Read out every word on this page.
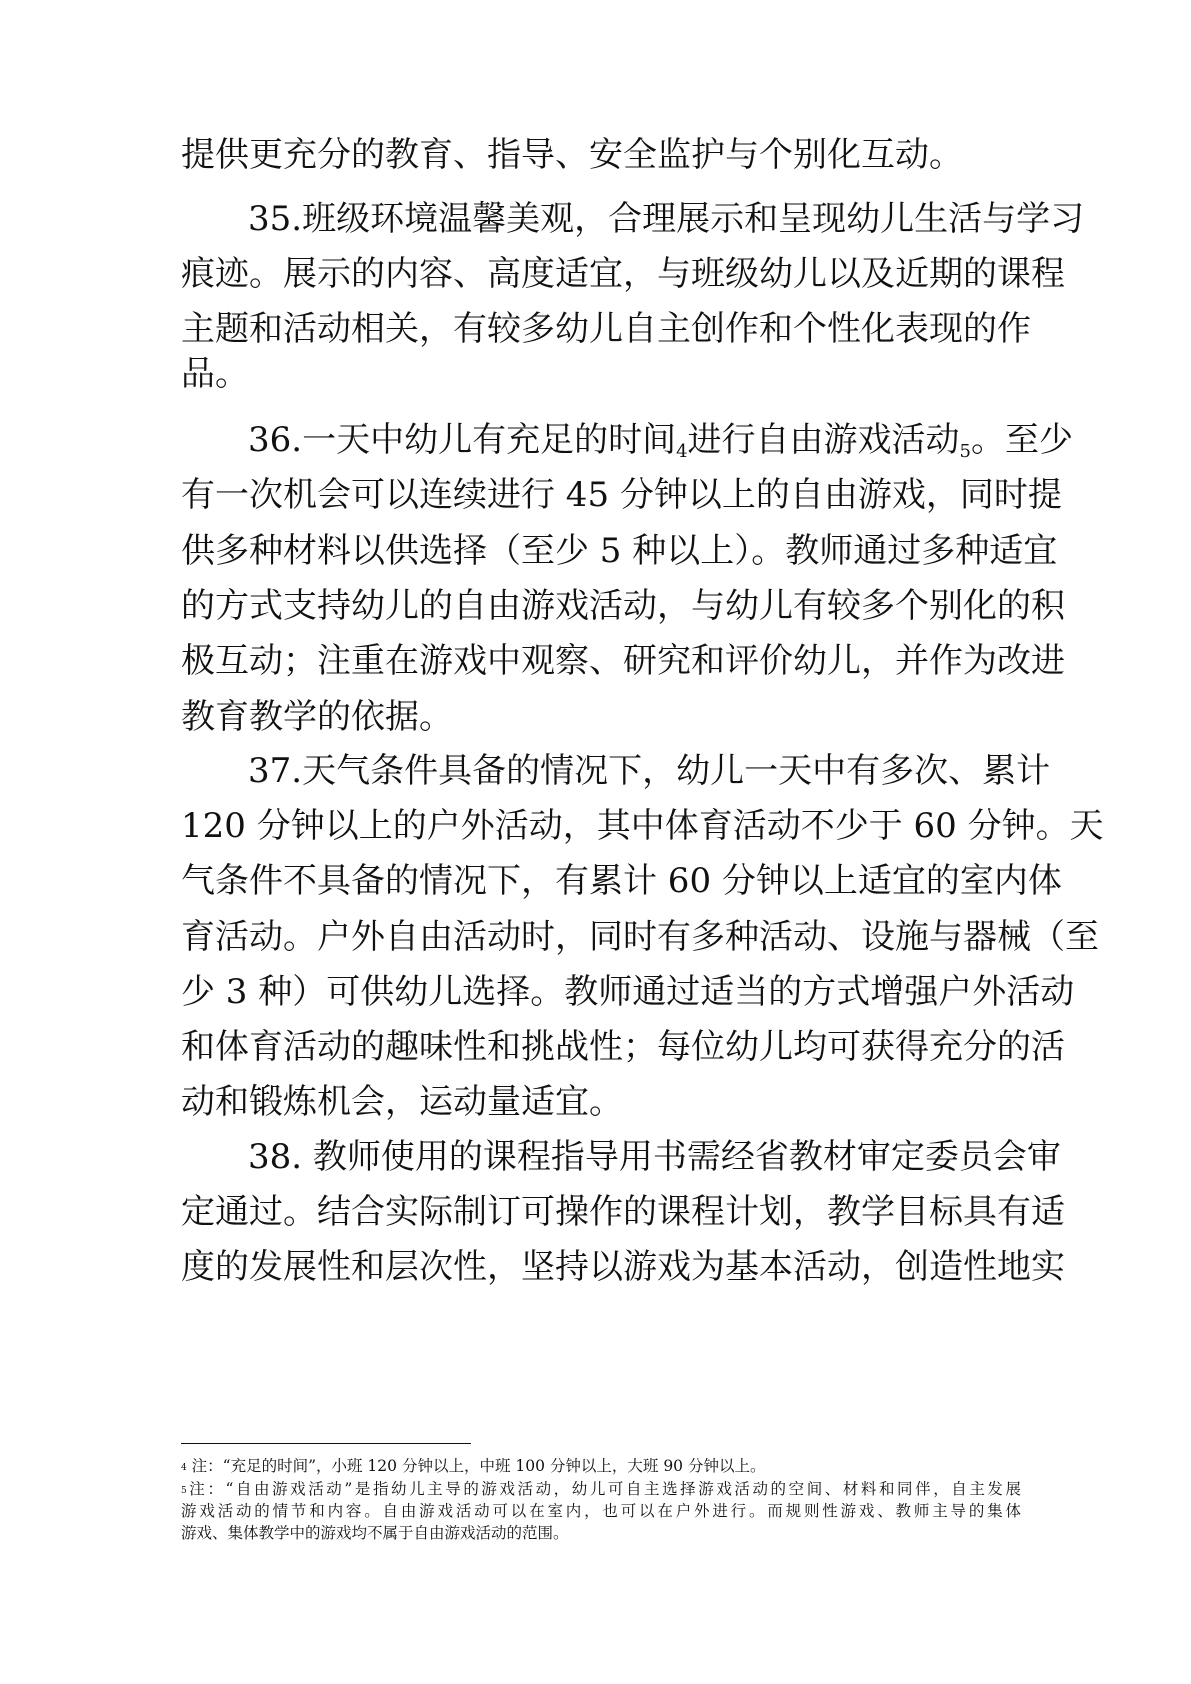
提供更充分的教育、指导、安全监护与个别化互动。
35.班级环境温馨美观，合理展示和呈现幼儿生活与学习
痕迹。展示的内容、高度适宜，与班级幼儿以及近期的课程
主题和活动相关，有较多幼儿自主创作和个性化表现的作
品。
36.一天中幼儿有充足的时间$^4$进行自由游戏活动$^5$。至少
有一次机会可以连续进行 45 分钟以上的自由游戏，同时提
供多种材料以供选择（至少 5 种以上）。教师通过多种适宜
的方式支持幼儿的自由游戏活动，与幼儿有较多个别化的积
极互动；注重在游戏中观察、研究和评价幼儿，并作为改进
教育教学的依据。
37.天气条件具备的情况下，幼儿一天中有多次、累计
120 分钟以上的户外活动，其中体育活动不少于 60 分钟。天
气条件不具备的情况下，有累计 60 分钟以上适宜的室内体
育活动。户外自由活动时，同时有多种活动、设施与器械（至
少 3 种）可供幼儿选择。教师通过适当的方式增强户外活动
和体育活动的趣味性和挑战性；每位幼儿均可获得充分的活
动和锻炼机会，运动量适宜。
38. 教师使用的课程指导用书需经省教材审定委员会审
定通过。结合实际制订可操作的课程计划，教学目标具有适
度的发展性和层次性，坚持以游戏为基本活动，创造性地实
4 注：“充足的时间”，小班 120 分钟以上，中班 100 分钟以上，大班 90 分钟以上。
5注：“自由游戏活动”是指幼儿主导的游戏活动，幼儿可自主选择游戏活动的空间、材料和同伴，自主发展
游戏活动的情节和内容。自由游戏活动可以在室内，也可以在户外进行。而规则性游戏、教师主导的集体
游戏、集体教学中的游戏均不属于自由游戏活动的范围。
